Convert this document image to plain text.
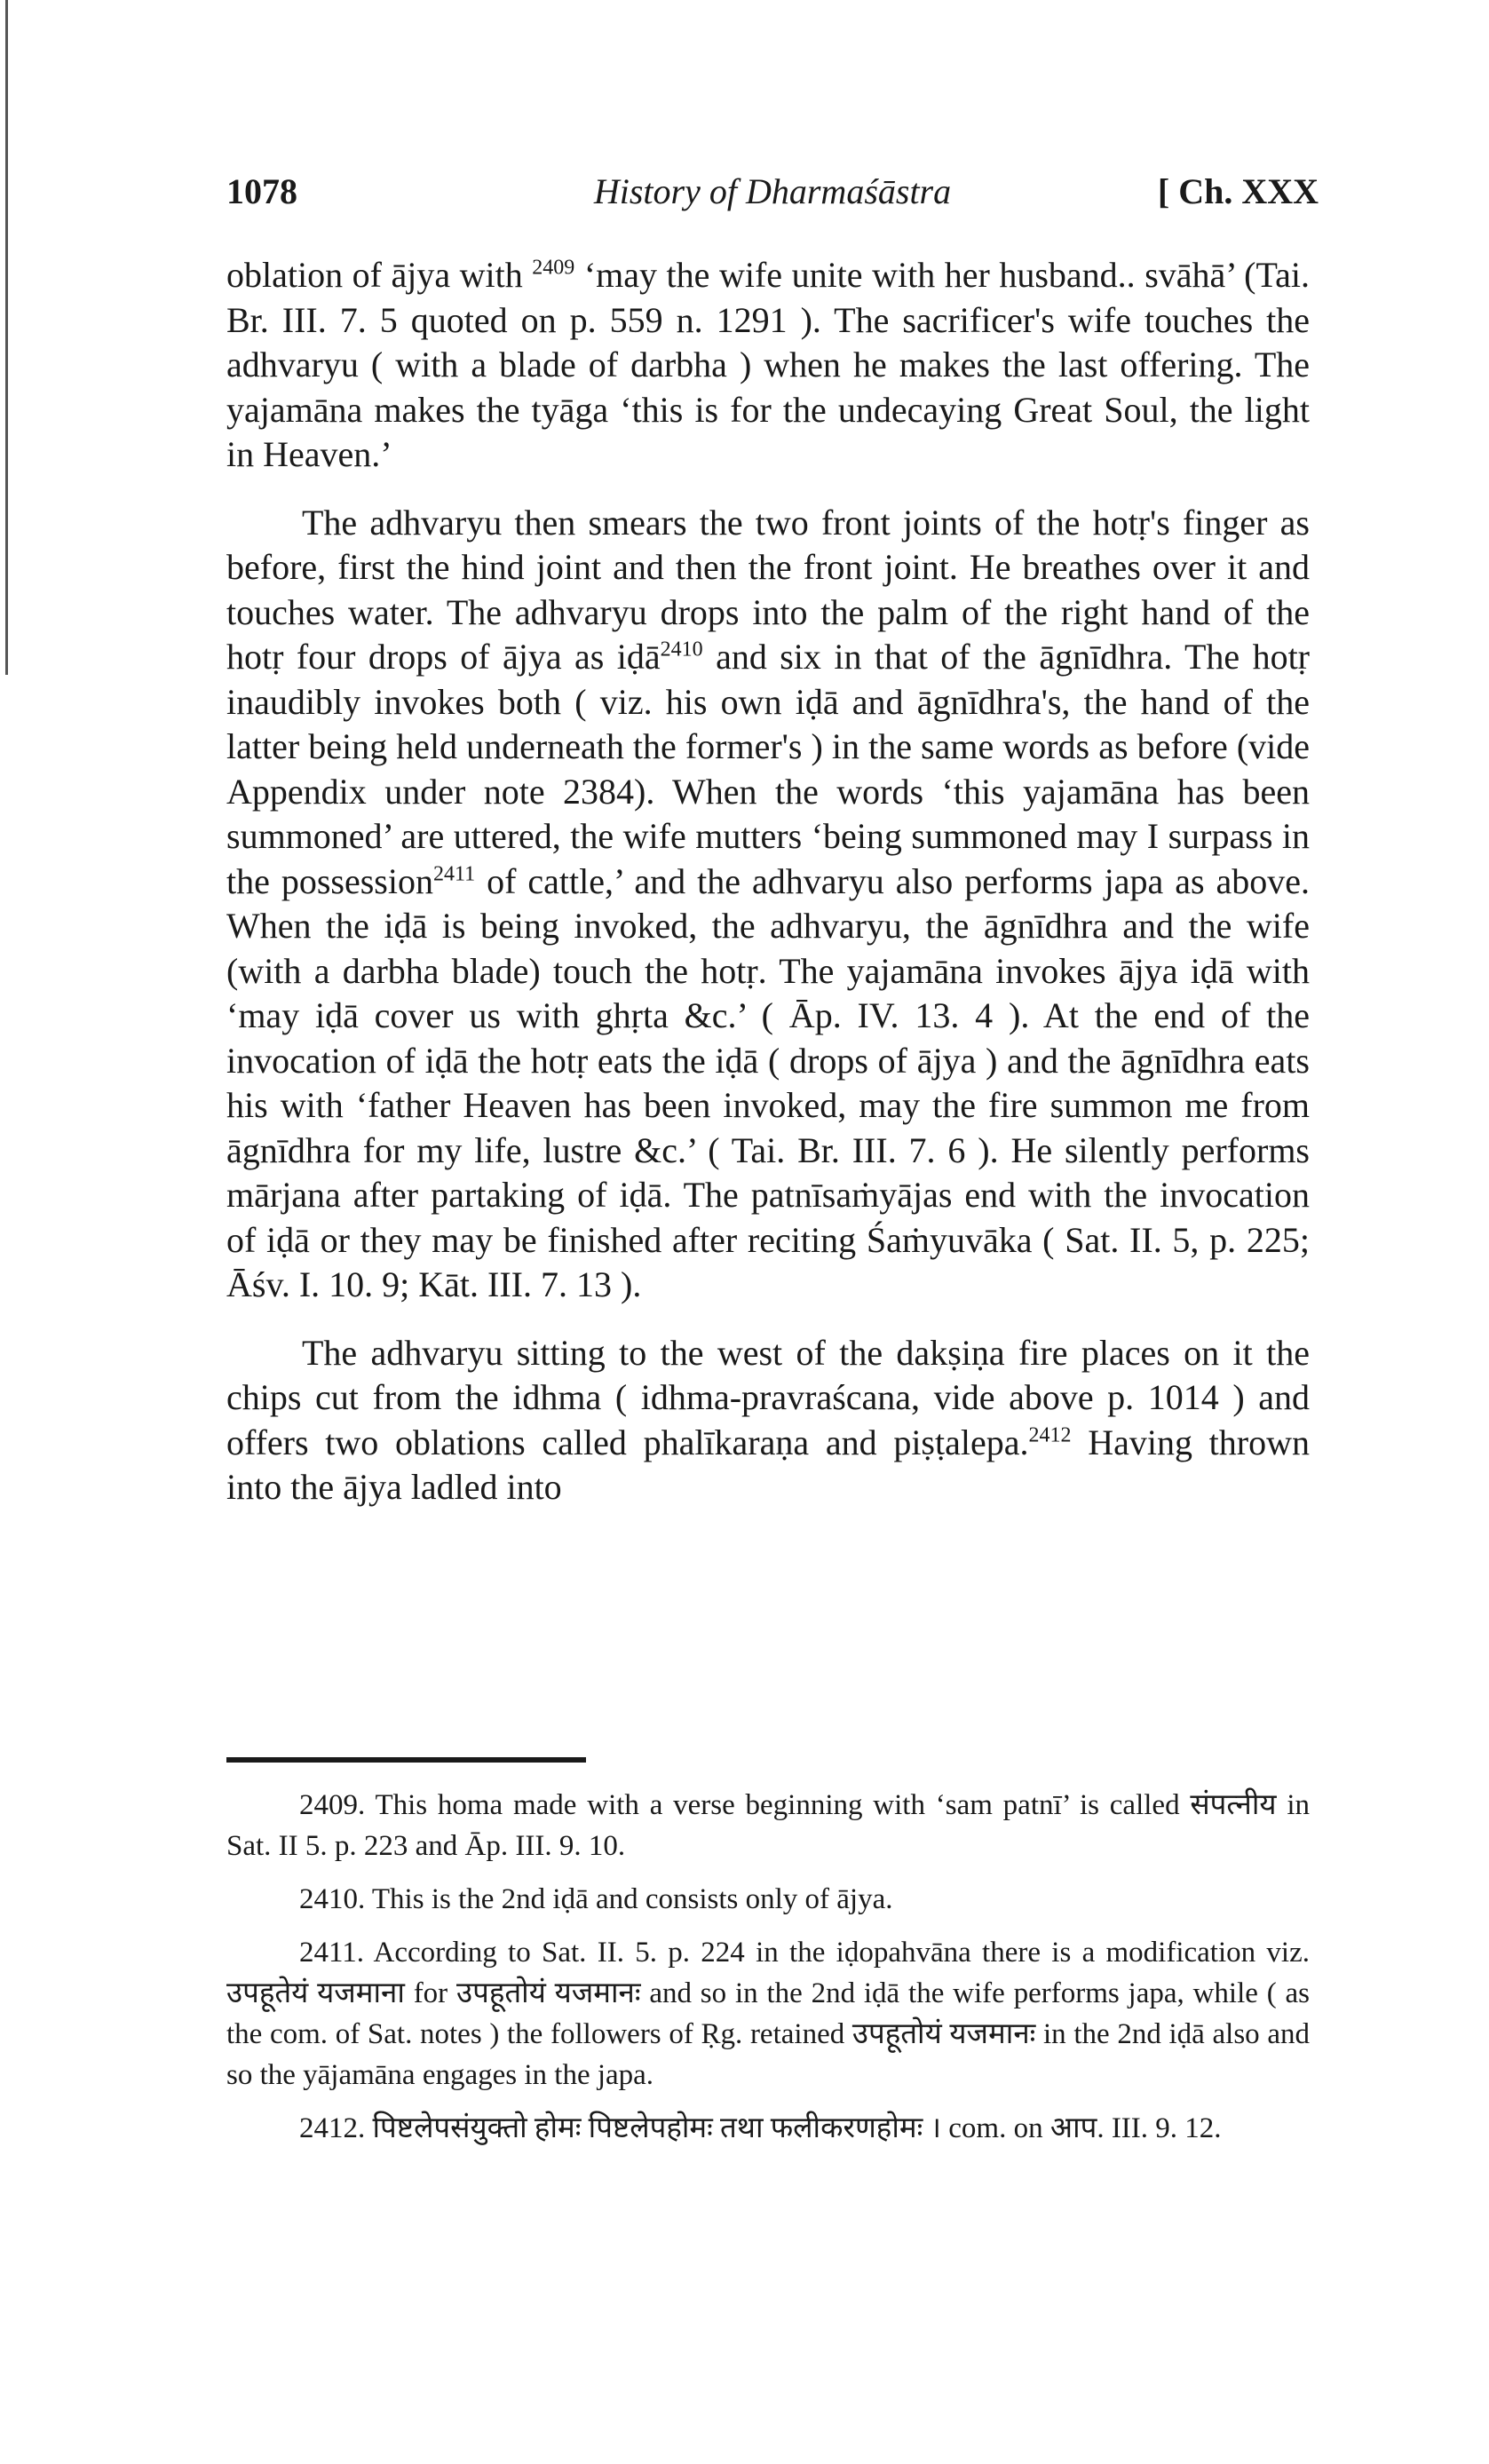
1078	History of Dharmaśāstra	[ Ch. XXX

oblation of ājya with $^{2409}$ ‘may the wife unite with her husband.. svāhā’ (Tai. Br. III. 7. 5 quoted on p. 559 n. 1291 ). The sacrificer's wife touches the adhvaryu ( with a blade of darbha ) when he makes the last offering. The yajamāna makes the tyāga ‘this is for the undecaying Great Soul, the light in Heaven.’

The adhvaryu then smears the two front joints of the hotṛ's finger as before, first the hind joint and then the front joint. He breathes over it and touches water. The adhvaryu drops into the palm of the right hand of the hotṛ four drops of ājya as iḍā$^{2410}$ and six in that of the āgnīdhra. The hotṛ inaudibly invokes both ( viz. his own iḍā and āgnīdhra's, the hand of the latter being held underneath the former's ) in the same words as before (vide Appendix under note 2384). When the words ‘this yajamāna has been summoned’ are uttered, the wife mutters ‘being summoned may I surpass in the possession$^{2411}$ of cattle,’ and the adhvaryu also performs japa as above. When the iḍā is being invoked, the adhvaryu, the āgnīdhra and the wife (with a darbha blade) touch the hotṛ. The yajamāna invokes ājya iḍā with ‘may iḍā cover us with ghṛta &c.’ ( Āp. IV. 13. 4 ). At the end of the invocation of iḍā the hotṛ eats the iḍā ( drops of ājya ) and the āgnīdhra eats his with ‘father Heaven has been invoked, may the fire summon me from āgnīdhra for my life, lustre &c.’ ( Tai. Br. III. 7. 6 ). He silently performs mārjana after partaking of iḍā. The patnīsaṁyājas end with the invocation of iḍā or they may be finished after reciting Śaṁyuvāka ( Sat. II. 5, p. 225; Āśv. I. 10. 9; Kāt. III. 7. 13 ).

The adhvaryu sitting to the west of the dakṣiṇa fire places on it the chips cut from the idhma ( idhma-pravraścana, vide above p. 1014 ) and offers two oblations called phalīkaraṇa and piṣṭalepa.$^{2412}$ Having thrown into the ājya ladled into

2409. This homa made with a verse beginning with ‘sam patnī’ is called संपत्नीय in Sat. II 5. p. 223 and Āp. III. 9. 10.

2410. This is the 2nd iḍā and consists only of ājya.

2411. According to Sat. II. 5. p. 224 in the iḍopahvāna there is a modification viz. उपहूतेयं यजमाना for उपहूतोयं यजमानः and so in the 2nd iḍā the wife performs japa, while ( as the com. of Sat. notes ) the followers of Ṛg. retained उपहूतोयं यजमानः in the 2nd iḍā also and so the yājamāna engages in the japa.

2412. पिष्टलेपसंयुक्तो होमः पिष्टलेपहोमः तथा फलीकरणहोमः । com. on आप. III. 9. 12.
